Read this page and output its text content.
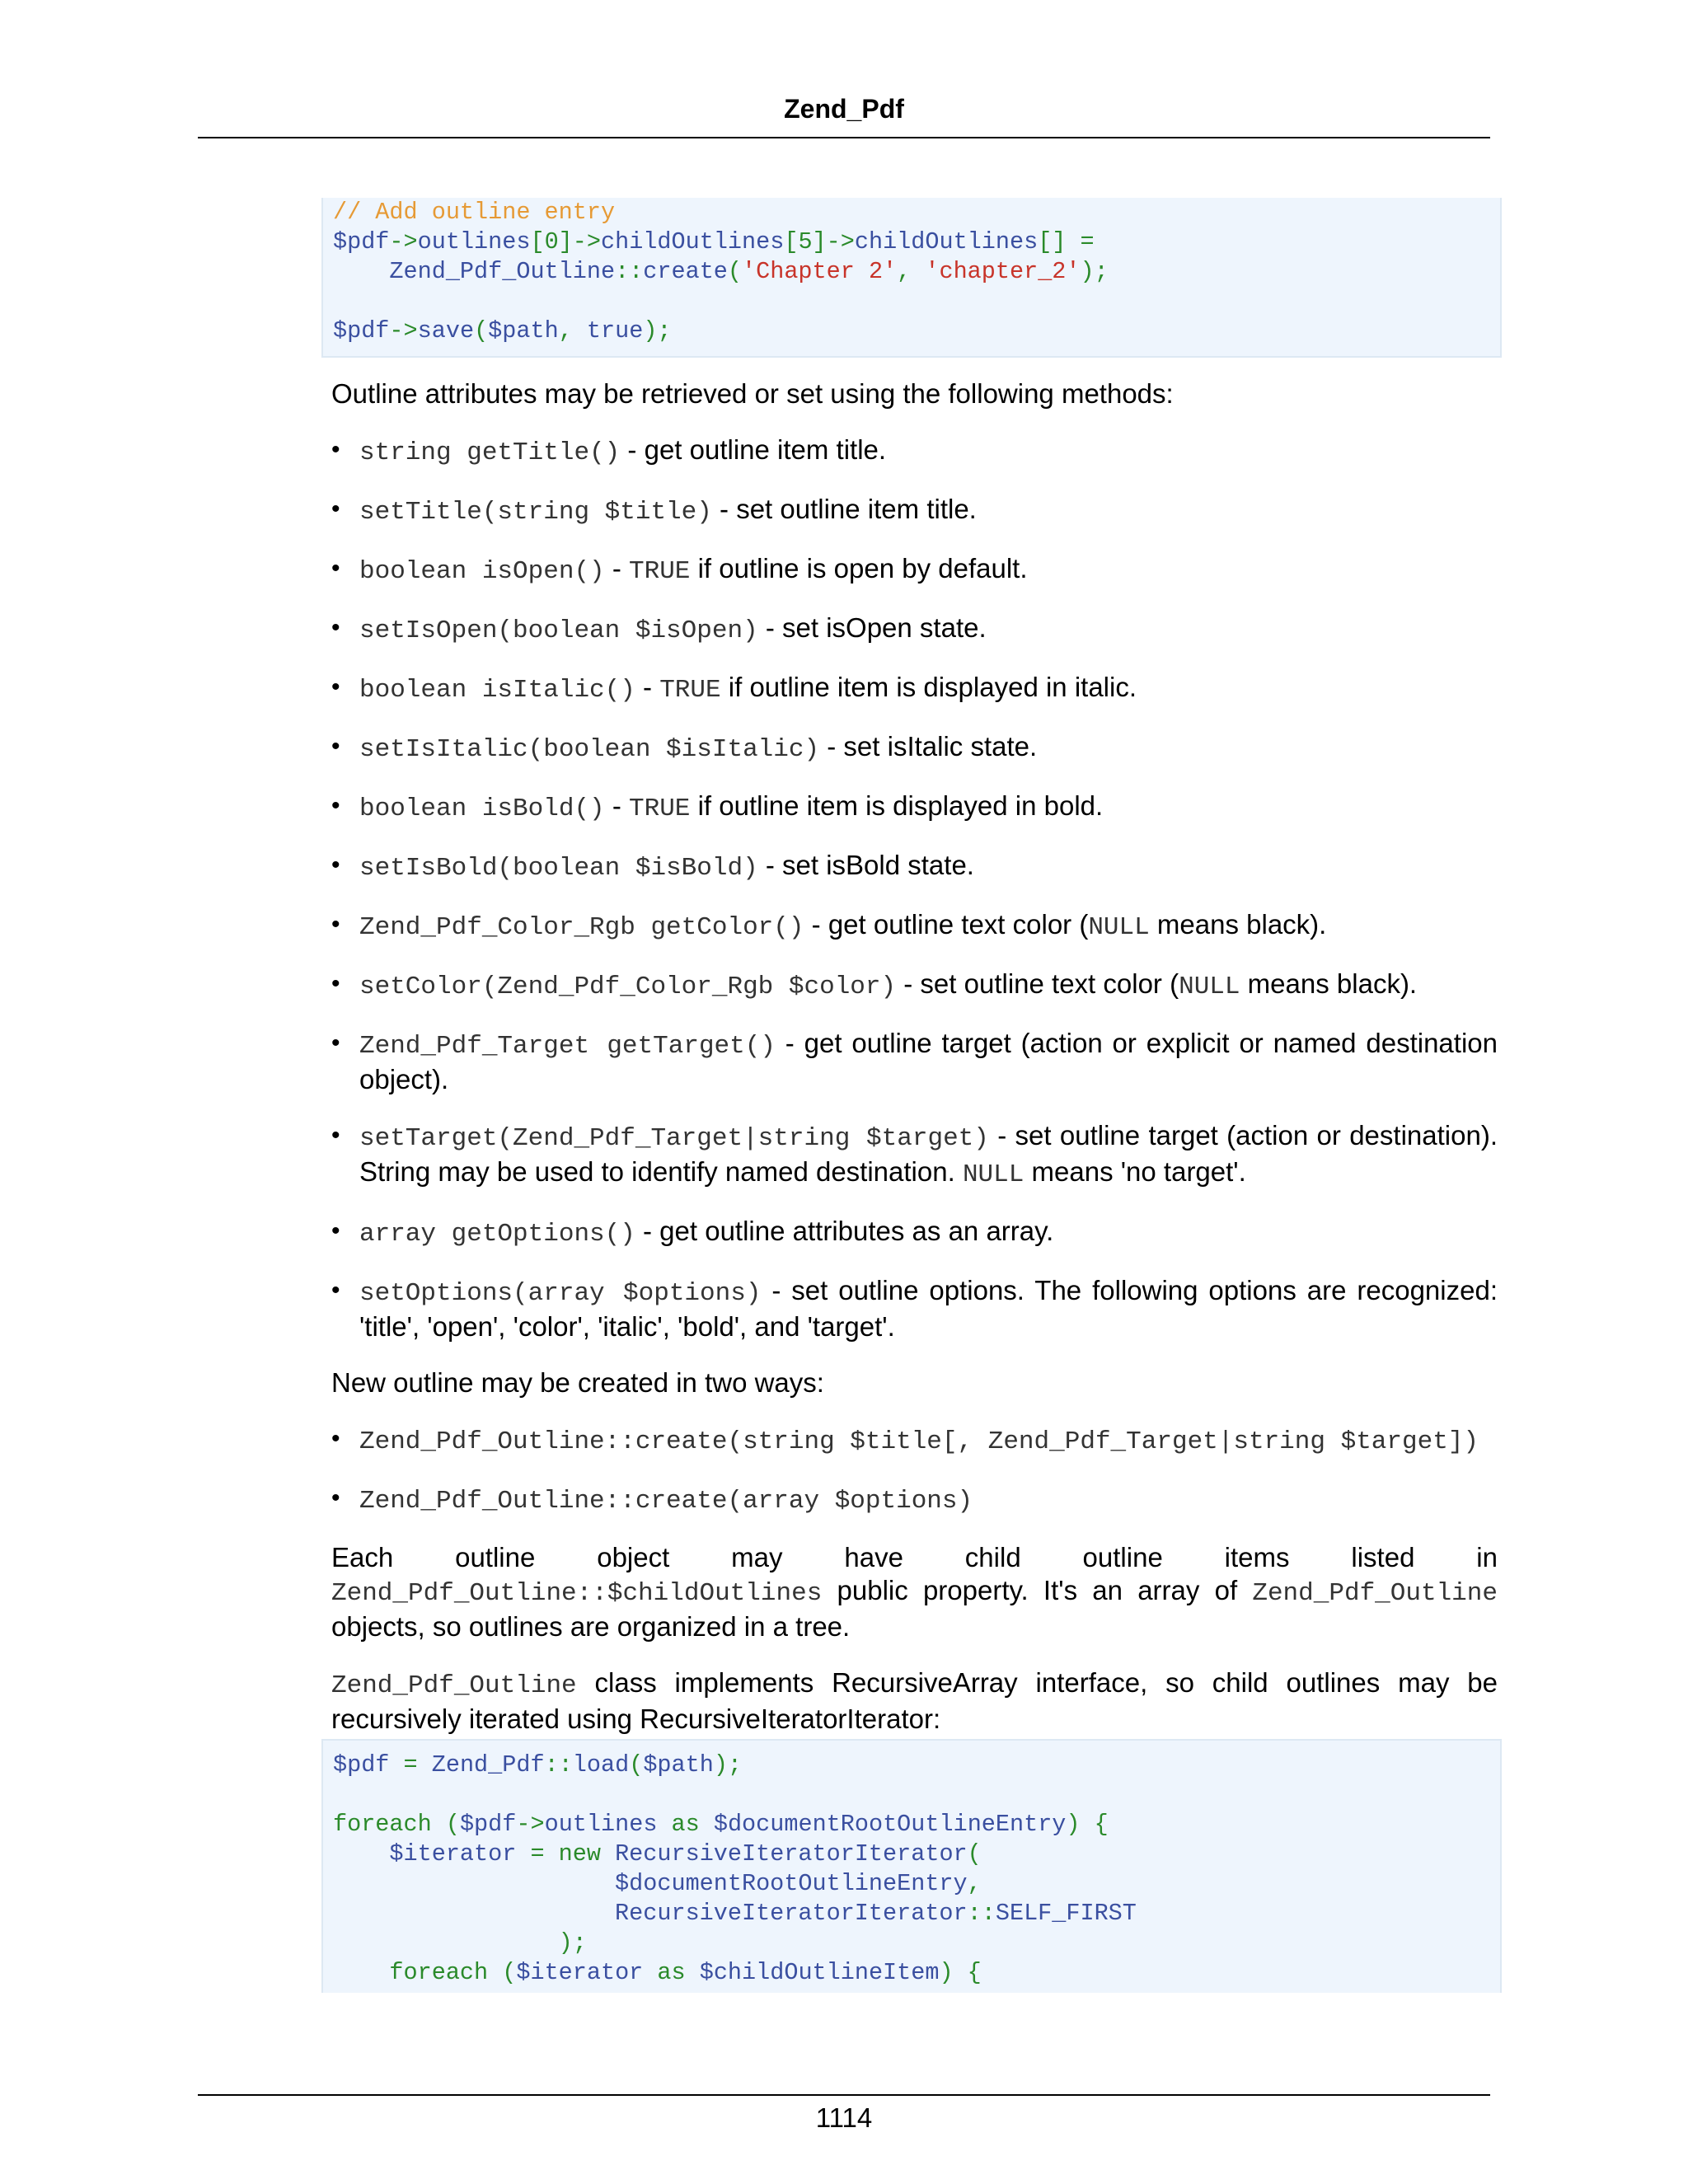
Zend_Pdf
// Add outline entry
$pdf->outlines[0]->childOutlines[5]->childOutlines[] =
Zend_Pdf_Outline::create('Chapter 2', 'chapter_2');

$pdf->save($path, true);

Outline attributes may be retrieved or set using the following methods:

• string getTitle() - get outline item title.
• setTitle(string $title) - set outline item title.
• boolean isOpen() - TRUE if outline is open by default.
• setIsOpen(boolean $isOpen) - set isOpen state.
• boolean isItalic() - TRUE if outline item is displayed in italic.
• setIsItalic(boolean $isItalic) - set isItalic state.
• boolean isBold() - TRUE if outline item is displayed in bold.
• setIsBold(boolean $isBold) - set isBold state.
• Zend_Pdf_Color_Rgb getColor() - get outline text color (NULL means black).
• setColor(Zend_Pdf_Color_Rgb $color) - set outline text color (NULL means black).
• Zend_Pdf_Target getTarget() - get outline target (action or explicit or named destination object).
• setTarget(Zend_Pdf_Target|string $target) - set outline target (action or destination). String may be used to identify named destination. NULL means 'no target'.
• array getOptions() - get outline attributes as an array.
• setOptions(array $options) - set outline options. The following options are recognized: 'title', 'open', 'color', 'italic', 'bold', and 'target'.

New outline may be created in two ways:

• Zend_Pdf_Outline::create(string $title[, Zend_Pdf_Target|string $target])
• Zend_Pdf_Outline::create(array $options)

Each outline object may have child outline items listed in Zend_Pdf_Outline::$childOutlines public property. It's an array of Zend_Pdf_Outline objects, so outlines are organized in a tree.

Zend_Pdf_Outline class implements RecursiveArray interface, so child outlines may be recursively iterated using RecursiveIteratorIterator:

$pdf = Zend_Pdf::load($path);

foreach ($pdf->outlines as $documentRootOutlineEntry) {
$iterator = new RecursiveIteratorIterator(
$documentRootOutlineEntry,
RecursiveIteratorIterator::SELF_FIRST
);
foreach ($iterator as $childOutlineItem) {
1114
